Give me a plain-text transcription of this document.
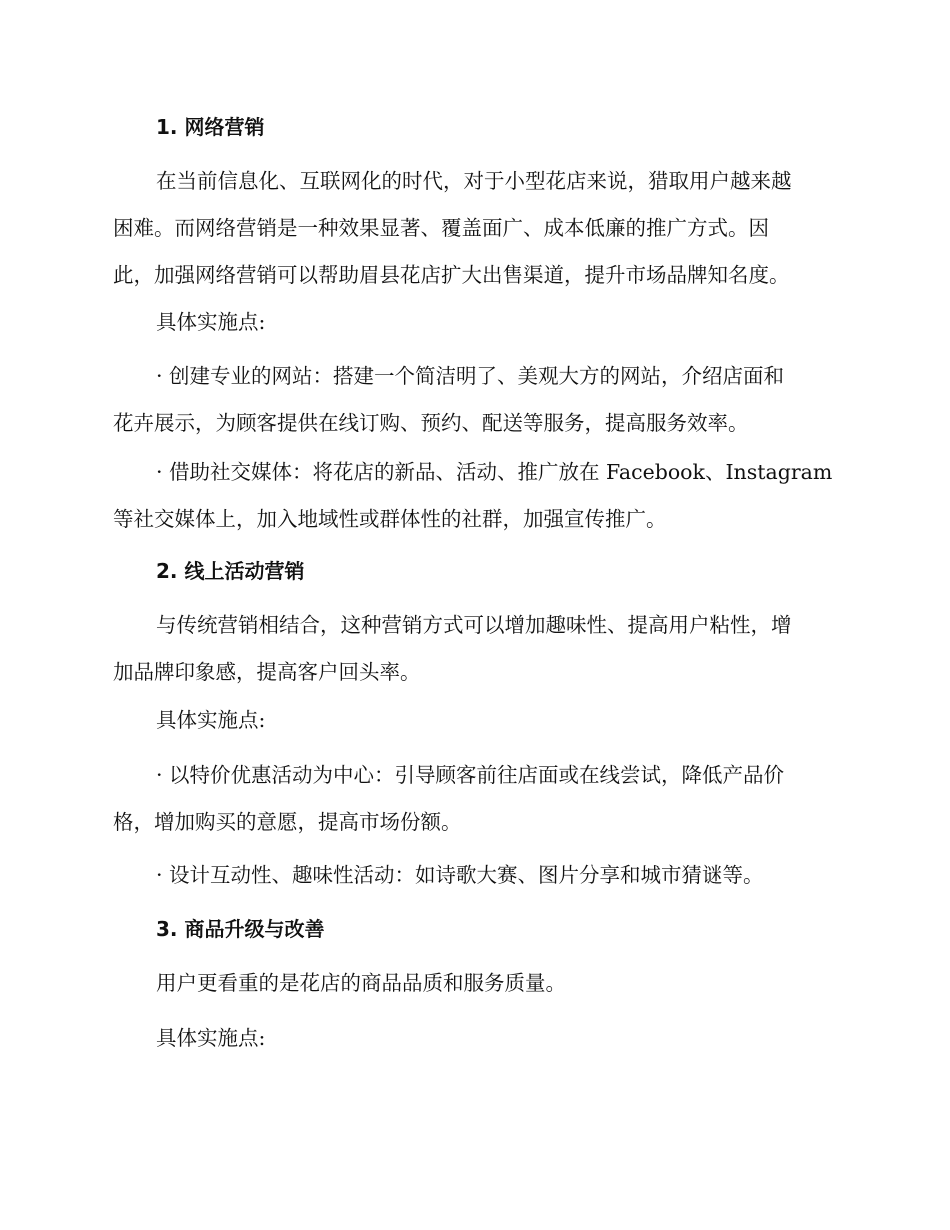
1. 网络营销
在当前信息化、互联网化的时代，对于小型花店来说，猎取用户越来越
困难。而网络营销是一种效果显著、覆盖面广、成本低廉的推广方式。因
此，加强网络营销可以帮助眉县花店扩大出售渠道，提升市场品牌知名度。
具体实施点:
· 创建专业的网站：搭建一个简洁明了、美观大方的网站，介绍店面和
花卉展示，为顾客提供在线订购、预约、配送等服务，提高服务效率。
· 借助社交媒体：将花店的新品、活动、推广放在 Facebook、Instagram
等社交媒体上，加入地域性或群体性的社群，加强宣传推广。
2. 线上活动营销
与传统营销相结合，这种营销方式可以增加趣味性、提高用户粘性，增
加品牌印象感，提高客户回头率。
具体实施点:
· 以特价优惠活动为中心：引导顾客前往店面或在线尝试，降低产品价
格，增加购买的意愿，提高市场份额。
· 设计互动性、趣味性活动：如诗歌大赛、图片分享和城市猜谜等。
3. 商品升级与改善
用户更看重的是花店的商品品质和服务质量。
具体实施点:
